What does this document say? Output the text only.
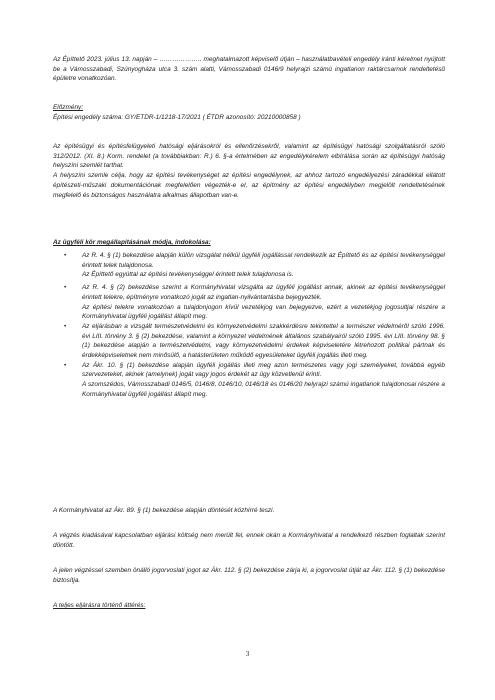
Az Építtető 2023. július 13. napján – ……………….. meghatalmazott képviselő útján – használatbavételi engedély iránti kérelmet nyújtott be a Vámosszabadi, Szúnyogháza utca 3. szám alatti, Vámosszabadi 0146/9 helyrajzi számú ingatlanon raktárcsarnok rendeltetésű épületre vonatkozóan.

Előzmény:

Építési engedély száma: GY/ETDR-1/1218-17/2021 ( ÉTDR azonosító: 20210000858 )

Az építésügyi és építésfelügyeleti hatósági eljárásokról és ellenőrzésekről, valamint az építésügyi hatósági szolgáltatásról szóló 312/2012. (XI. 8.) Korm. rendelet (a továbbiakban: R.) 6. §-a értelmében az engedélykérelem elbírálása során az építésügyi hatóság helyszíni szemlét tarthat.

A helyszíni szemle célja, hogy az építési tevékenységet az építési engedélynek, az ahhoz tartozó engedélyezési záradékkal ellátott építészeti-műszaki dokumentációnak megfelelően végezték-e el, az építmény az építési engedélyben megjelölt rendeltetésének megfelelő és biztonságos használatra alkalmas állapotban van-e.

Az ügyféli kör megállapításának módja, indokolása:

• Az R. 4. § (1) bekezdése alapján külön vizsgálat nélkül ügyféli jogállással rendelkezik az Építtető és az építési tevékenységgel érintett telek tulajdonosa.
Az Építtető egyúttal az építési tevékenységgel érintett telek tulajdonosa is.
• Az R. 4. § (2) bekezdése szerint a Kormányhivatal vizsgálta az ügyféli jogállást annak, akinek az építési tevékenységgel érintett telekre, építményre vonatkozó jogát az ingatlan-nyilvántartásba bejegyezték.
Az építési telekre vonatkozóan a tulajdonjogon kívül vezetékjog van bejegyezve, ezért a vezetékjog jogosultjai részére a Kormányhivatal ügyféli jogállást állapít meg.
• Az eljárásban a vizsgált természetvédelmi és környezetvédelmi szakkérdésre tekintettel a természet védelméről szóló 1996. évi LIII. törvény 3. § (2) bekezdése, valamint a környezet védelmének általános szabályairól szóló 1995. évi LIII. törvény 98. § (1) bekezdése alapján a természetvédelmi, vagy környezetvédelmi érdekek képviseletére létrehozott politikai pártnak és érdekképviseletnek nem minősülő, a hatásterületen működő egyesületeket ügyféli jogállás illeti meg.
• Az Ákr. 10. § (1) bekezdése alapján ügyféli jogállás illeti meg azon természetes vagy jogi személyeket, továbbá egyéb szervezeteket, akinek (amelynek) jogát vagy jogos érdekét az ügy közvetlenül érinti.
A szomszédos, Vámosszabadi 0146/5, 0146/8, 0146/10, 0146/18 és 0146/20 helyrajzi számú ingatlanok tulajdonosai részére a Kormányhivatal ügyféli jogállást állapít meg.

A Kormányhivatal az Ákr. 89. § (1) bekezdése alapján döntését közhírré teszi.

A végzés kiadásával kapcsolatban eljárási költség nem merült fel, ennek okán a Kormányhivatal a rendelkező részben foglaltak szerint döntött.

A jelen végzéssel szemben önálló jogorvoslati jogot az Ákr. 112. § (2) bekezdése zárja ki, a jogorvoslat útját az Ákr. 112. § (1) bekezdése biztosítja.

A teljes eljárásra történő áttérés:

3
